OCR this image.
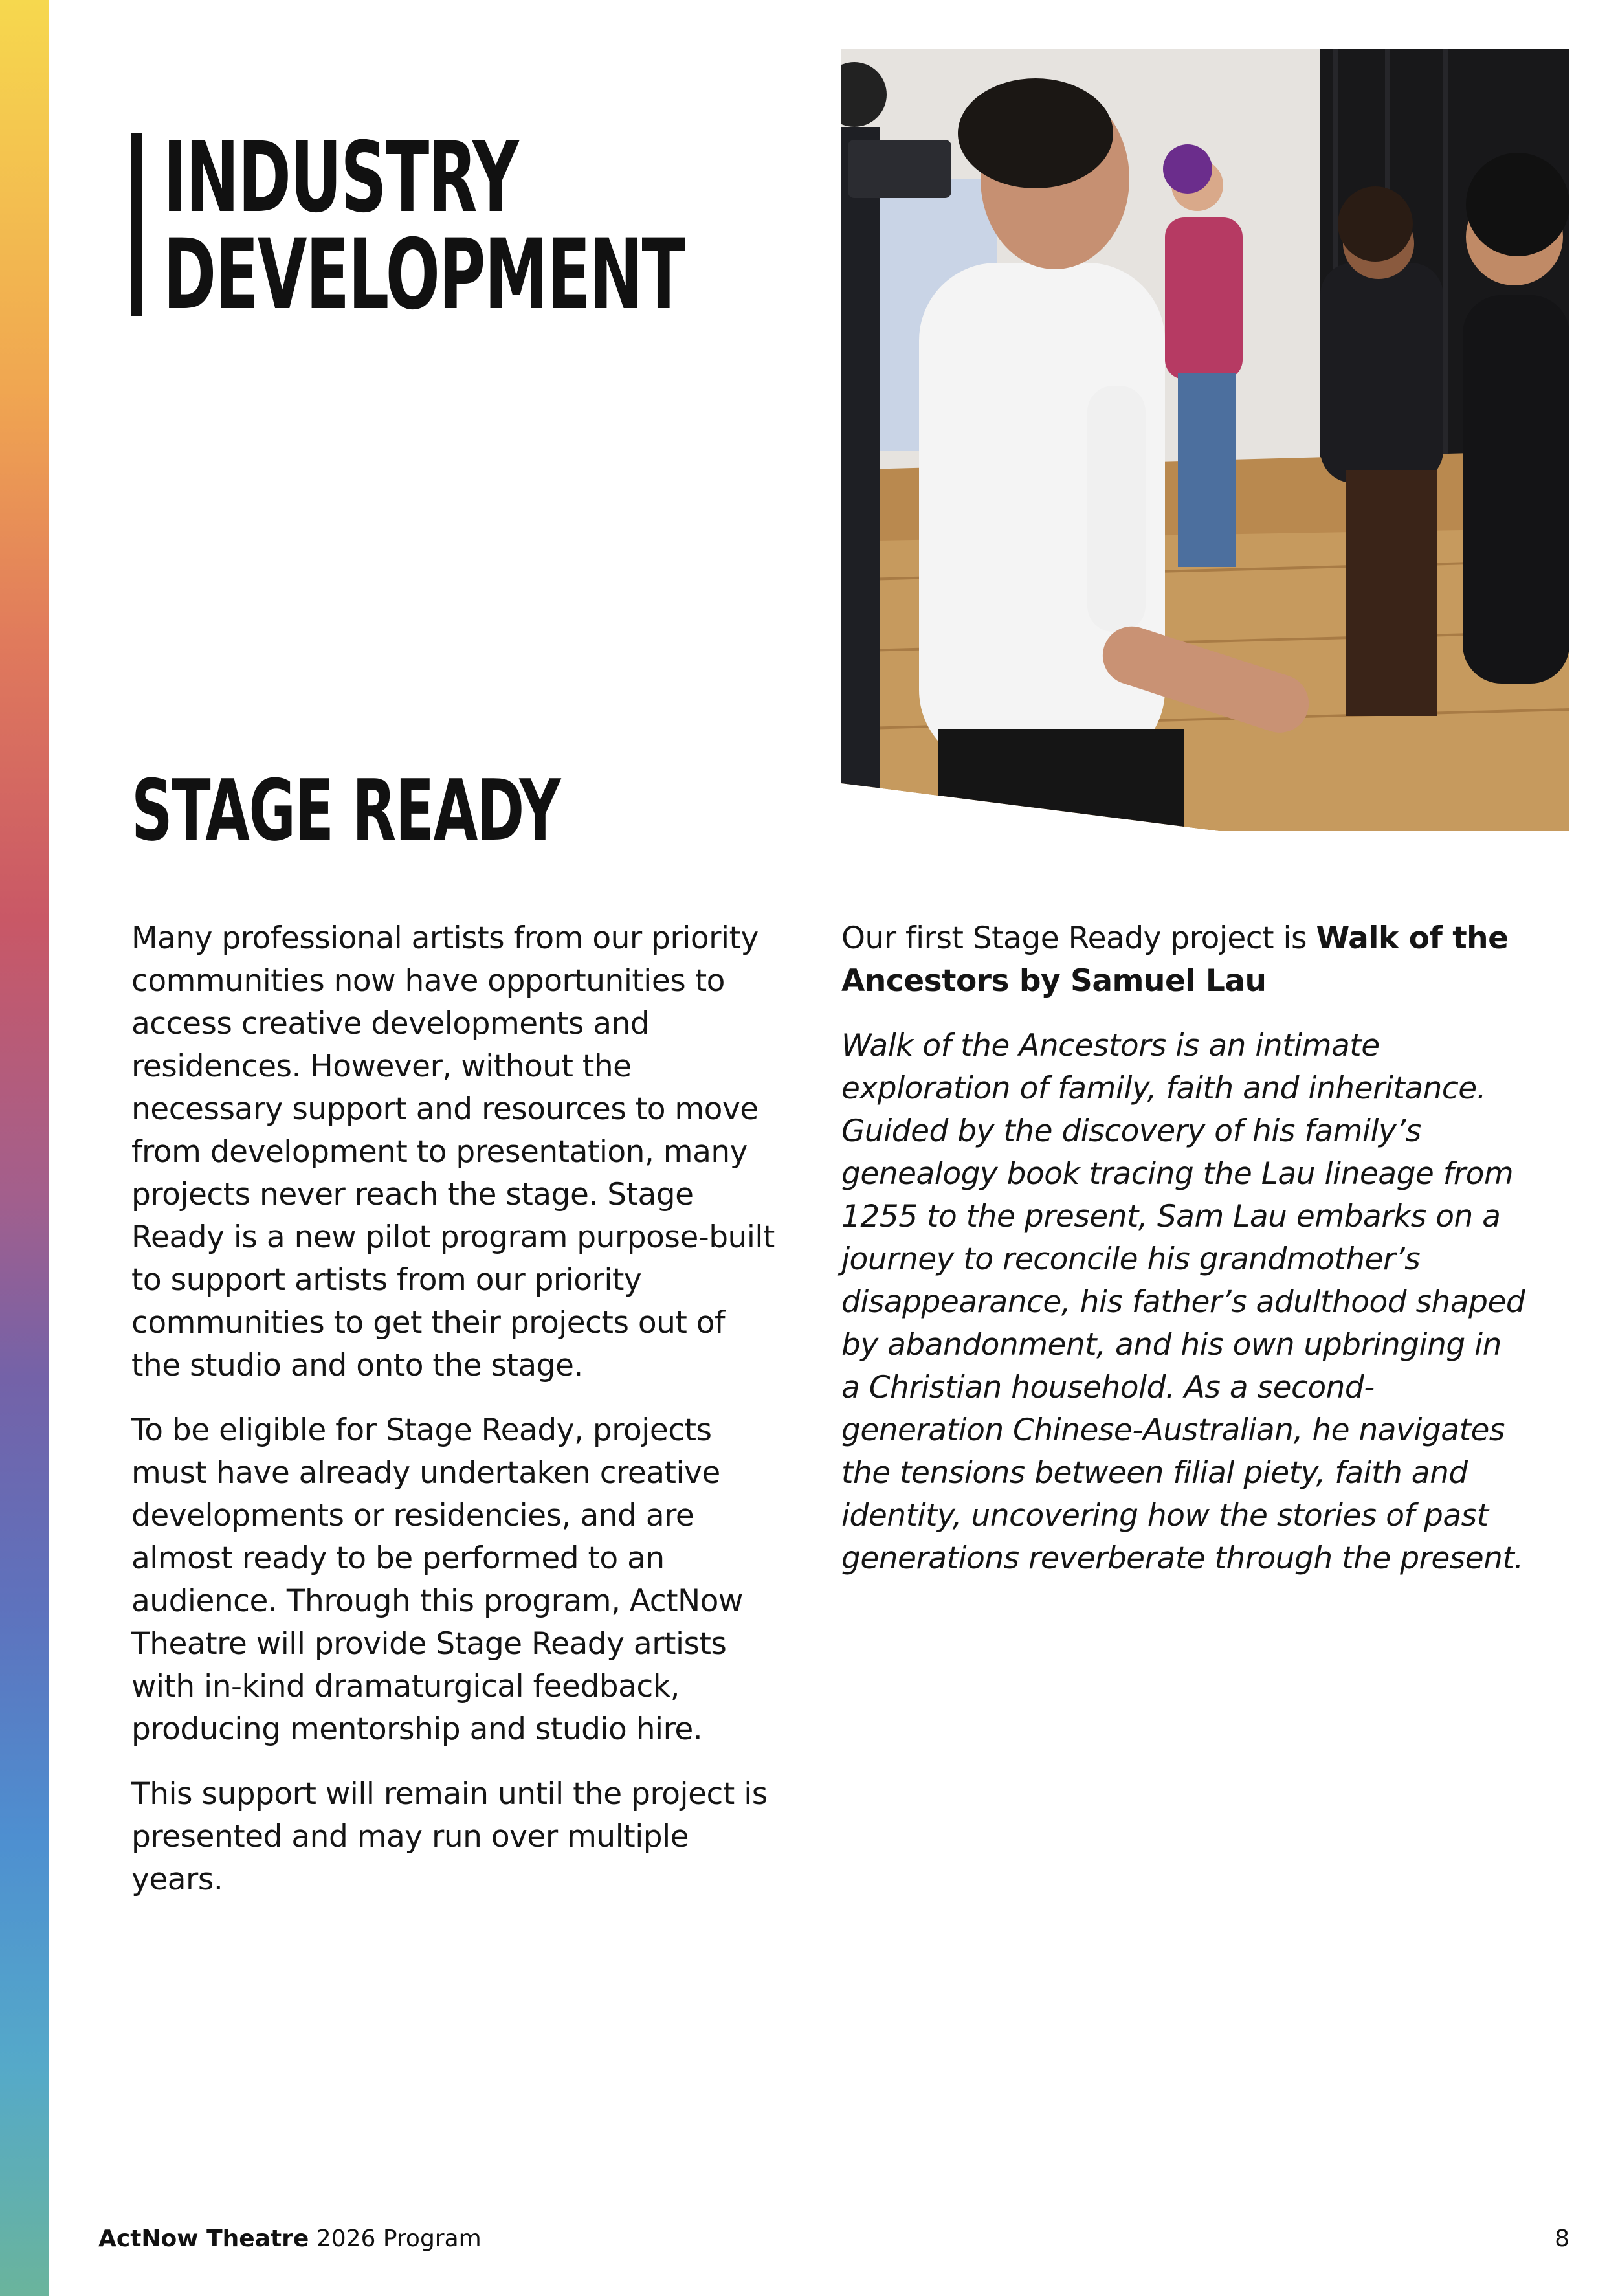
INDUSTRY
DEVELOPMENT
STAGE READY

Many professional artists from our priority communities now have opportunities to access creative developments and residences. However, without the necessary support and resources to move from development to presentation, many projects never reach the stage. Stage Ready is a new pilot program purpose-built to support artists from our priority communities to get their projects out of the studio and onto the stage.

To be eligible for Stage Ready, projects must have already undertaken creative developments or residencies, and are almost ready to be performed to an audience. Through this program, ActNow Theatre will provide Stage Ready artists with in-kind dramaturgical feedback, producing mentorship and studio hire.

This support will remain until the project is presented and may run over multiple years.

Our first Stage Ready project is Walk of the Ancestors by Samuel Lau

Walk of the Ancestors is an intimate exploration of family, faith and inheritance. Guided by the discovery of his family’s genealogy book tracing the Lau lineage from 1255 to the present, Sam Lau embarks on a journey to reconcile his grandmother’s disappearance, his father’s adulthood shaped by abandonment, and his own upbringing in a Christian household. As a second-generation Chinese-Australian, he navigates the tensions between filial piety, faith and identity, uncovering how the stories of past generations reverberate through the present.

ActNow Theatre 2026 Program	8
